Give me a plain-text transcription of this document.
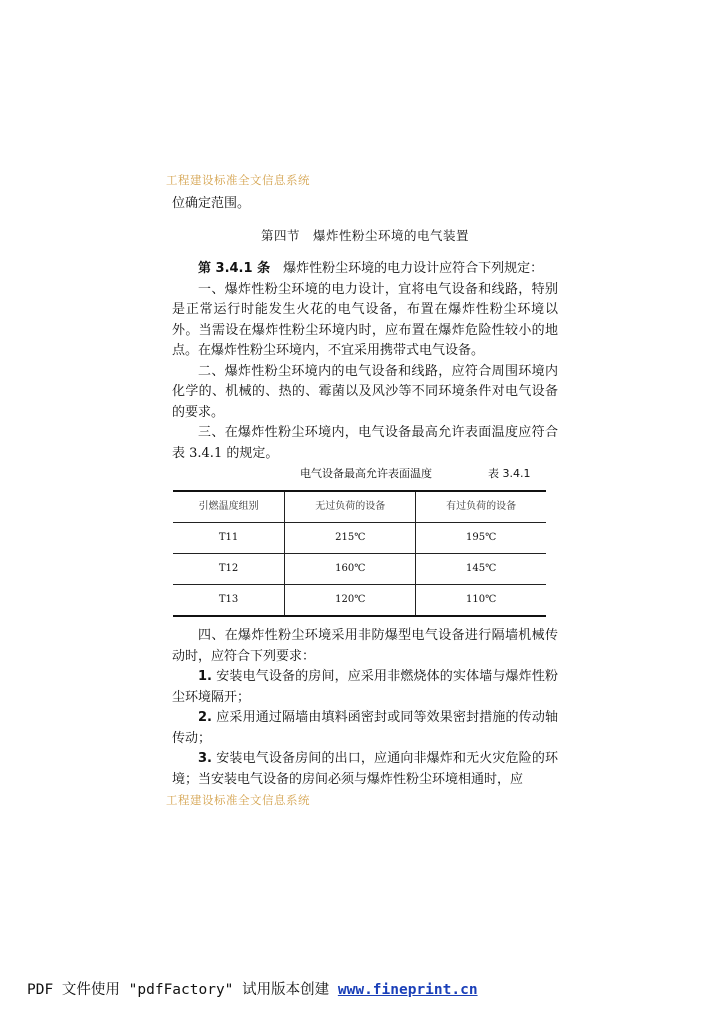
工程建设标准全文信息系统

位确定范围。

第四节　爆炸性粉尘环境的电气装置

第 3.4.1 条　 爆炸性粉尘环境的电力设计应符合下列规定：

一、爆炸性粉尘环境的电力设计，宜将电气设备和线路，特别是正常运行时能发生火花的电气设备，布置在爆炸性粉尘环境以外。当需设在爆炸性粉尘环境内时，应布置在爆炸危险性较小的地点。在爆炸性粉尘环境内，不宜采用携带式电气设备。

二、爆炸性粉尘环境内的电气设备和线路，应符合周围环境内化学的、机械的、热的、霉菌以及风沙等不同环境条件对电气设备的要求。

三、在爆炸性粉尘环境内，电气设备最高允许表面温度应符合表 3.4.1 的规定。

电气设备最高允许表面温度	表 3.4.1
引燃温度组别	无过负荷的设备	有过负荷的设备
T11	215℃	195℃
T12	160℃	145℃
T13	120℃	110℃

四、在爆炸性粉尘环境采用非防爆型电气设备进行隔墙机械传动时，应符合下列要求：

1. 安装电气设备的房间，应采用非燃烧体的实体墙与爆炸性粉尘环境隔开；

2. 应采用通过隔墙由填料函密封或同等效果密封措施的传动轴传动；

3. 安装电气设备房间的出口，应通向非爆炸和无火灾危险的环境；当安装电气设备的房间必须与爆炸性粉尘环境相通时，应

工程建设标准全文信息系统
PDF 文件使用 "pdfFactory" 试用版本创建 www.fineprint.cn
